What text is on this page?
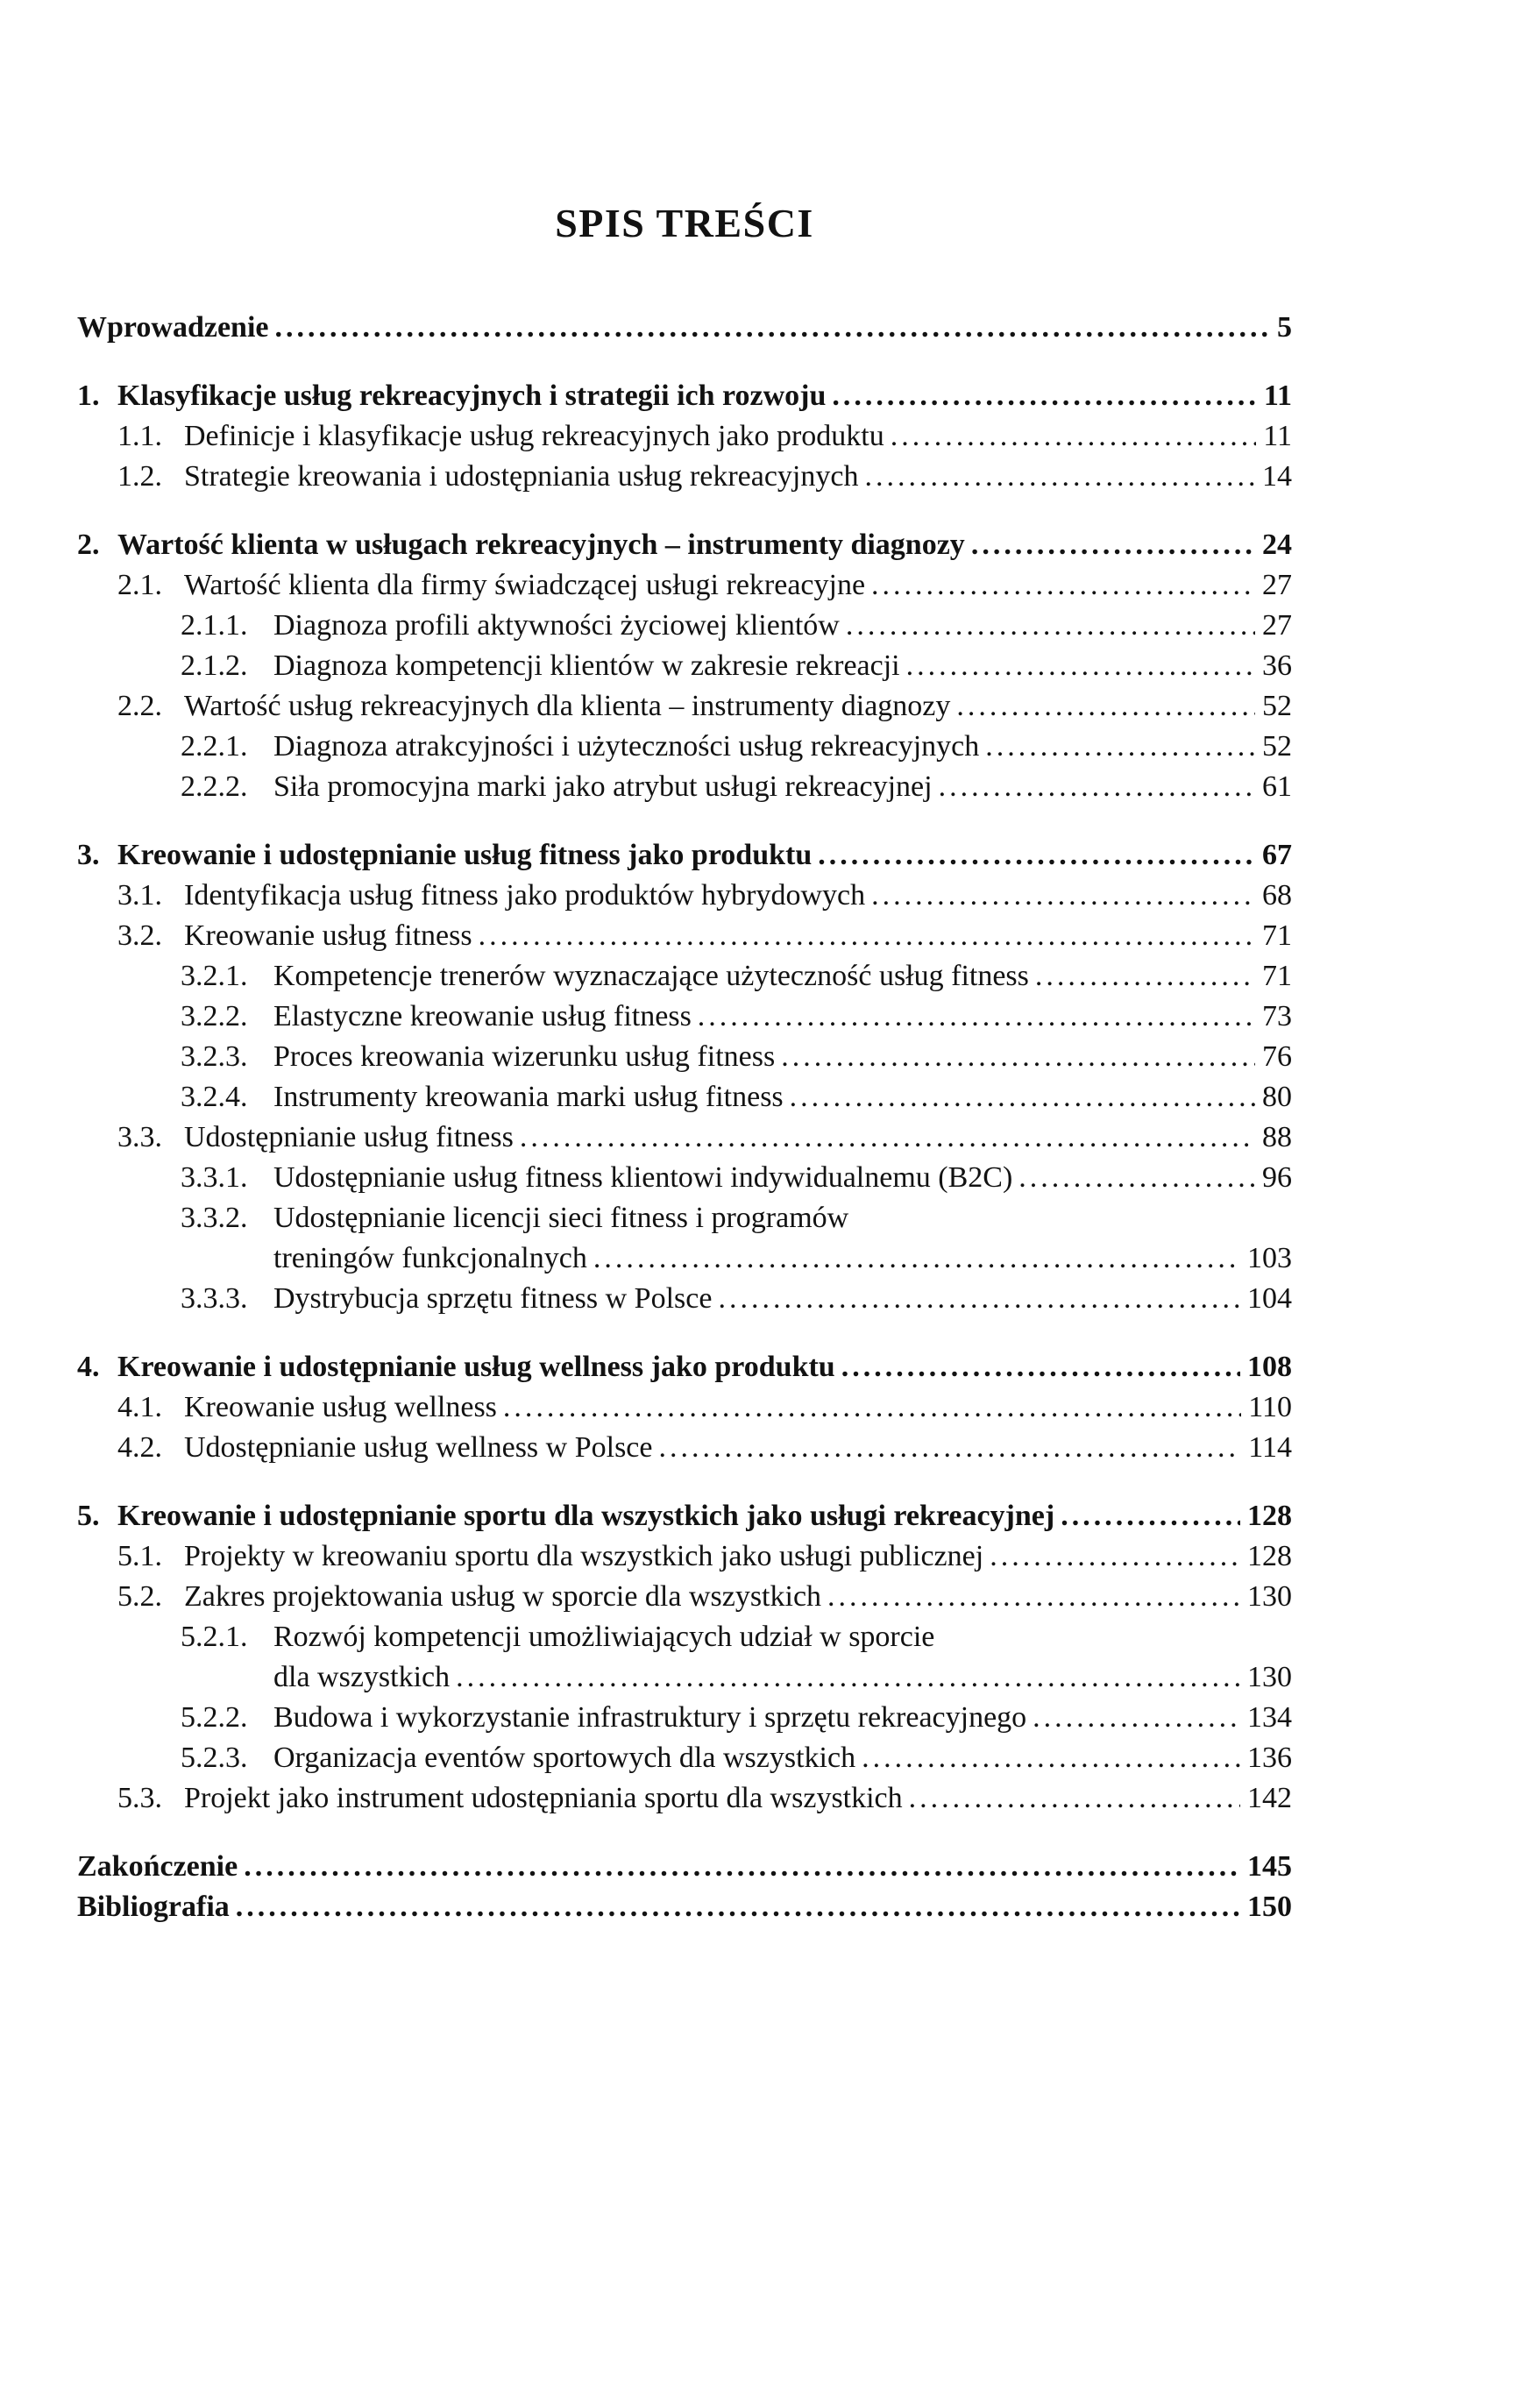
SPIS TREŚCI
Wprowadzenie .....	5
1. Klasyfikacje usług rekreacyjnych i strategii ich rozwoju .....	11
1.1. Definicje i klasyfikacje usług rekreacyjnych jako produktu .....	11
1.2. Strategie kreowania i udostępniania usług rekreacyjnych .....	14
2. Wartość klienta w usługach rekreacyjnych – instrumenty diagnozy .....	24
2.1. Wartość klienta dla firmy świadczącej usługi rekreacyjne .....	27
2.1.1. Diagnoza profili aktywności życiowej klientów .....	27
2.1.2. Diagnoza kompetencji klientów w zakresie rekreacji .....	36
2.2. Wartość usług rekreacyjnych dla klienta – instrumenty diagnozy .....	52
2.2.1. Diagnoza atrakcyjności i użyteczności usług rekreacyjnych .....	52
2.2.2. Siła promocyjna marki jako atrybut usługi rekreacyjnej .....	61
3. Kreowanie i udostępnianie usług fitness jako produktu .....	67
3.1. Identyfikacja usług fitness jako produktów hybrydowych .....	68
3.2. Kreowanie usług fitness .....	71
3.2.1. Kompetencje trenerów wyznaczające użyteczność usług fitness .....	71
3.2.2. Elastyczne kreowanie usług fitness .....	73
3.2.3. Proces kreowania wizerunku usług fitness .....	76
3.2.4. Instrumenty kreowania marki usług fitness .....	80
3.3. Udostępnianie usług fitness .....	88
3.3.1. Udostępnianie usług fitness klientowi indywidualnemu (B2C) .....	96
3.3.2. Udostępnianie licencji sieci fitness i programów
treningów funkcjonalnych .....	103
3.3.3. Dystrybucja sprzętu fitness w Polsce .....	104
4. Kreowanie i udostępnianie usług wellness jako produktu .....	108
4.1. Kreowanie usług wellness .....	110
4.2. Udostępnianie usług wellness w Polsce .....	114
5. Kreowanie i udostępnianie sportu dla wszystkich jako usługi rekreacyjnej .....	128
5.1. Projekty w kreowaniu sportu dla wszystkich jako usługi publicznej .....	128
5.2. Zakres projektowania usług w sporcie dla wszystkich .....	130
5.2.1. Rozwój kompetencji umożliwiających udział w sporcie
dla wszystkich .....	130
5.2.2. Budowa i wykorzystanie infrastruktury i sprzętu rekreacyjnego .....	134
5.2.3. Organizacja eventów sportowych dla wszystkich .....	136
5.3. Projekt jako instrument udostępniania sportu dla wszystkich .....	142
Zakończenie .....	145
Bibliografia .....	150
